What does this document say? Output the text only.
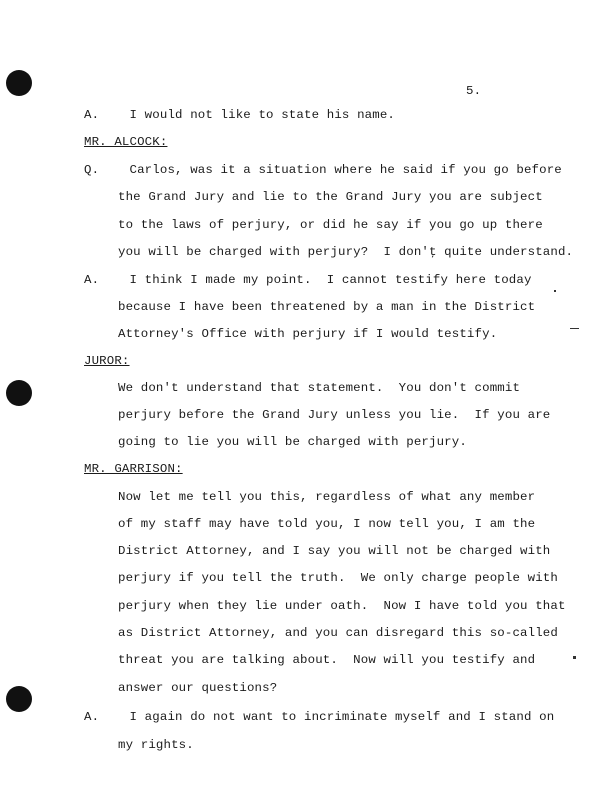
5.
A.    I would not like to state his name.
MR. ALCOCK:
Q.    Carlos, was it a situation where he said if you go before
the Grand Jury and lie to the Grand Jury you are subject
to the laws of perjury, or did he say if you go up there
you will be charged with perjury?  I don'ţ quite understand.
A.    I think I made my point.  I cannot testify here today
because I have been threatened by a man in the District
Attorney's Office with perjury if I would testify.
JUROR:
We don't understand that statement.  You don't commit
perjury before the Grand Jury unless you lie.  If you are
going to lie you will be charged with perjury.
MR. GARRISON:
Now let me tell you this, regardless of what any member
of my staff may have told you, I now tell you, I am the
District Attorney, and I say you will not be charged with
perjury if you tell the truth.  We only charge people with
perjury when they lie under oath.  Now I have told you that
as District Attorney, and you can disregard this so-called
threat you are talking about.  Now will you testify and
answer our questions?
A.    I again do not want to incriminate myself and I stand on
my rights.
